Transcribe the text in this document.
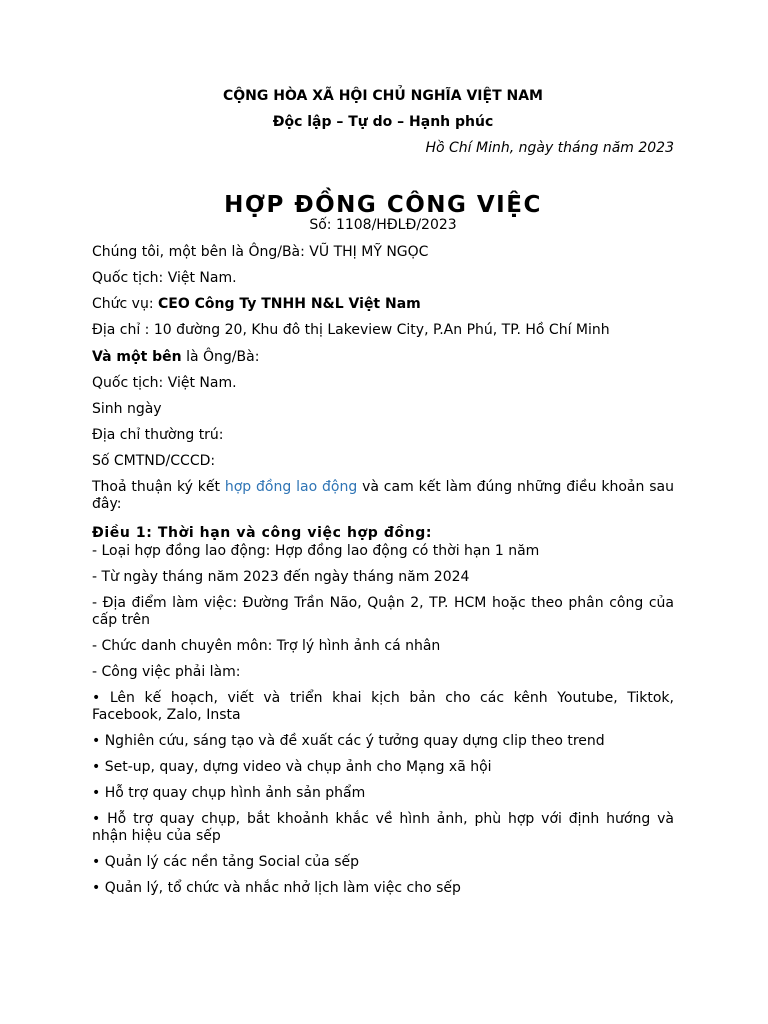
CỘNG HÒA XÃ HỘI CHỦ NGHĨA VIỆT NAM
Độc lập – Tự do – Hạnh phúc
Hồ Chí Minh, ngày tháng năm 2023
HỢP ĐỒNG CÔNG VIỆC
Số: 1108/HĐLĐ/2023
Chúng tôi, một bên là Ông/Bà: VŨ THỊ MỸ NGỌC
Quốc tịch: Việt Nam.
Chức vụ: CEO Công Ty TNHH N&L Việt Nam
Địa chỉ : 10 đường 20, Khu đô thị Lakeview City, P.An Phú, TP. Hồ Chí Minh
Và một bên là Ông/Bà:
Quốc tịch: Việt Nam.
Sinh ngày
Địa chỉ thường trú:
Số CMTND/CCCD:
Thoả thuận ký kết hợp đồng lao động và cam kết làm đúng những điều khoản sau đây:
Điều 1: Thời hạn và công việc hợp đồng:
- Loại hợp đồng lao động: Hợp đồng lao động có thời hạn 1 năm
- Từ ngày tháng năm 2023 đến ngày tháng năm 2024
- Địa điểm làm việc: Đường Trần Não, Quận 2, TP. HCM hoặc theo phân công của cấp trên
- Chức danh chuyên môn: Trợ lý hình ảnh cá nhân
- Công việc phải làm:
• Lên kế hoạch, viết và triển khai kịch bản cho các kênh Youtube, Tiktok, Facebook, Zalo, Insta
• Nghiên cứu, sáng tạo và đề xuất các ý tưởng quay dựng clip theo trend
• Set-up, quay, dựng video và chụp ảnh cho Mạng xã hội
• Hỗ trợ quay chụp hình ảnh sản phẩm
• Hỗ trợ quay chụp, bắt khoảnh khắc về hình ảnh, phù hợp với định hướng và nhận hiệu của sếp
• Quản lý các nền tảng Social của sếp
• Quản lý, tổ chức và nhắc nhở lịch làm việc cho sếp
